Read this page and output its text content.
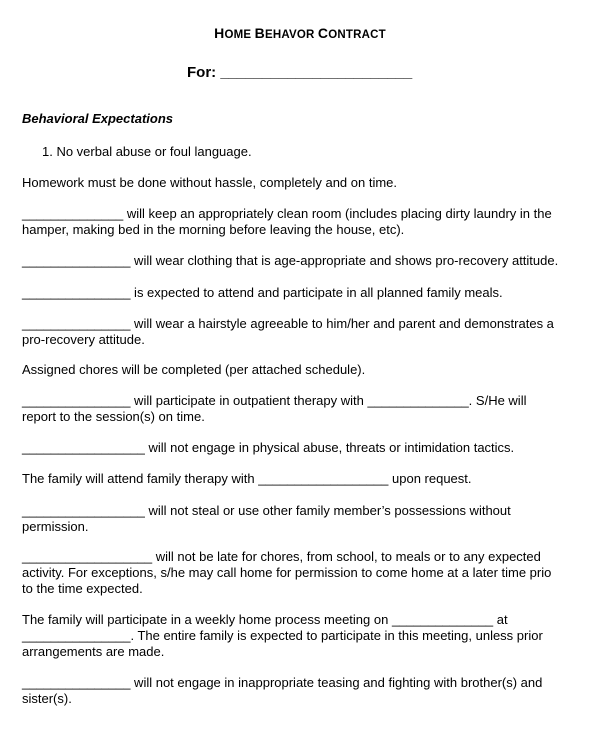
HOME BEHAVOR CONTRACT
For: _______________________
Behavioral Expectations
1. No verbal abuse or foul language.
Homework must be done without hassle, completely and on time.
______________ will keep an appropriately clean room (includes placing dirty laundry in the
hamper, making bed in the morning before leaving the house, etc).
_______________ will wear clothing that is age-appropriate and shows pro-recovery attitude.
_______________ is expected to attend and participate in all planned family meals.
_______________ will wear a hairstyle agreeable to him/her and parent and demonstrates a
pro-recovery attitude.
Assigned chores will be completed (per attached schedule).
_______________ will participate in outpatient therapy with ______________. S/He will
report to the session(s) on time.
_________________ will not engage in physical abuse, threats or intimidation tactics.
The family will attend family therapy with __________________ upon request.
_________________ will not steal or use other family member’s possessions without
permission.
__________________ will not be late for chores, from school, to meals or to any expected
activity. For exceptions, s/he may call home for permission to come home at a later time prio
to the time expected.
The family will participate in a weekly home process meeting on ______________ at
_______________. The entire family is expected to participate in this meeting, unless prior
arrangements are made.
_______________ will not engage in inappropriate teasing and fighting with brother(s) and
sister(s).
